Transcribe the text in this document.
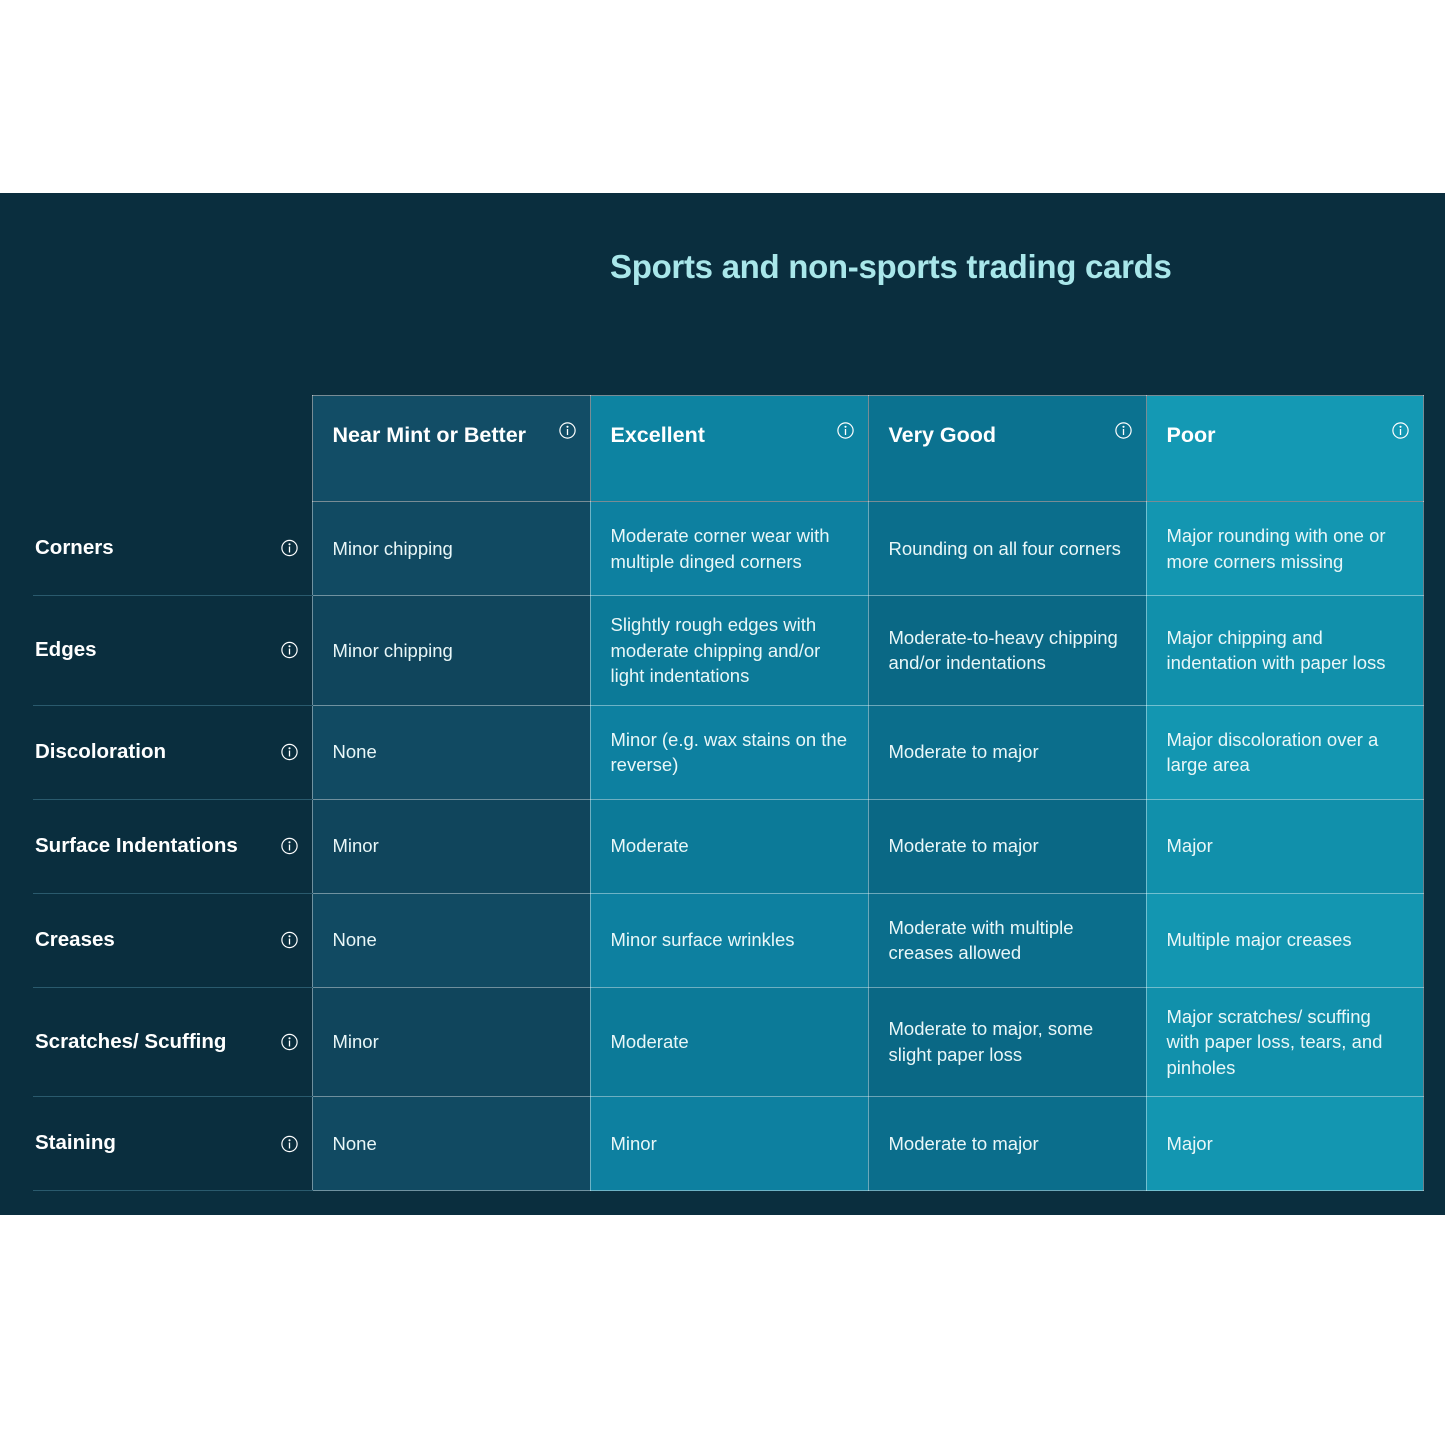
Sports and non-sports trading cards
	Near Mint or Better	Excellent	Very Good	Poor

Corners	Minor chipping	Moderate corner wear with multiple dinged corners	Rounding on all four corners	Major rounding with one or more corners missing
Edges	Minor chipping	Slightly rough edges with moderate chipping and/or light indentations	Moderate-to-heavy chipping and/or indentations	Major chipping and indentation with paper loss
Discoloration	None	Minor (e.g. wax stains on the reverse)	Moderate to major	Major discoloration over a large area
Surface Indentations	Minor	Moderate	Moderate to major	Major
Creases	None	Minor surface wrinkles	Moderate with multiple creases allowed	Multiple major creases
Scratches/ Scuffing	Minor	Moderate	Moderate to major, some slight paper loss	Major scratches/ scuffing with paper loss, tears, and pinholes
Staining	None	Minor	Moderate to major	Major
